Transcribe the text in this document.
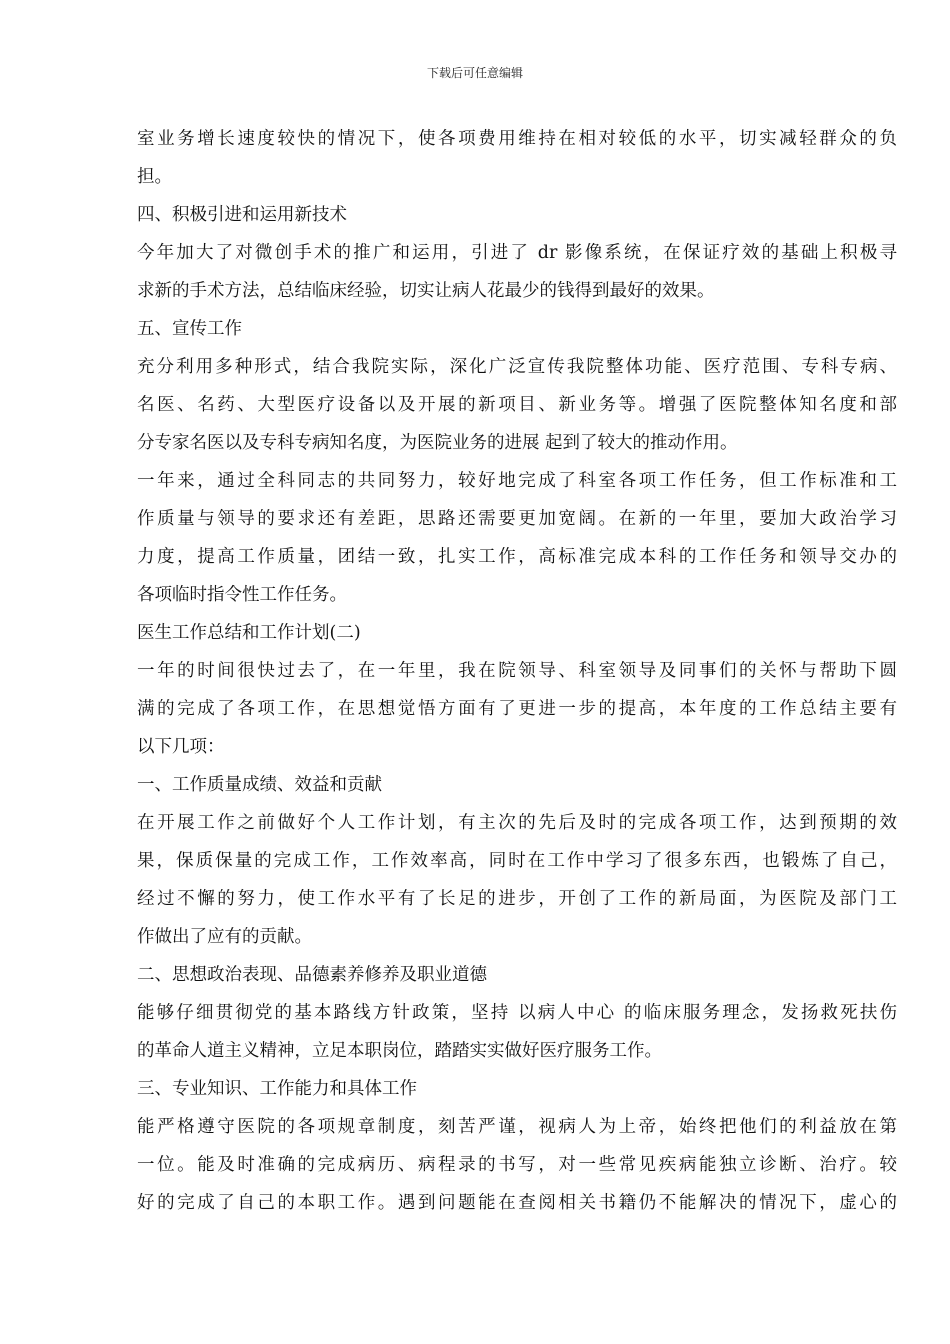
下载后可任意编辑
室业务增长速度较快的情况下，使各项费用维持在相对较低的水平，切实减轻群众的负
担。
四、积极引进和运用新技术
今年加大了对微创手术的推广和运用，引进了 dr 影像系统，在保证疗效的基础上积极寻
求新的手术方法，总结临床经验，切实让病人花最少的钱得到最好的效果。
五、宣传工作
充分利用多种形式，结合我院实际，深化广泛宣传我院整体功能、医疗范围、专科专病、
名医、名药、大型医疗设备以及开展的新项目、新业务等。增强了医院整体知名度和部
分专家名医以及专科专病知名度，为医院业务的进展 起到了较大的推动作用。
一年来，通过全科同志的共同努力，较好地完成了科室各项工作任务，但工作标准和工
作质量与领导的要求还有差距，思路还需要更加宽阔。在新的一年里，要加大政治学习
力度，提高工作质量，团结一致，扎实工作，高标准完成本科的工作任务和领导交办的
各项临时指令性工作任务。
医生工作总结和工作计划(二)
一年的时间很快过去了，在一年里，我在院领导、科室领导及同事们的关怀与帮助下圆
满的完成了各项工作，在思想觉悟方面有了更进一步的提高，本年度的工作总结主要有
以下几项：
一、工作质量成绩、效益和贡献
在开展工作之前做好个人工作计划，有主次的先后及时的完成各项工作，达到预期的效
果，保质保量的完成工作，工作效率高，同时在工作中学习了很多东西，也锻炼了自己，
经过不懈的努力，使工作水平有了长足的进步，开创了工作的新局面，为医院及部门工
作做出了应有的贡献。
二、思想政治表现、品德素养修养及职业道德
能够仔细贯彻党的基本路线方针政策，坚持 以病人中心 的临床服务理念，发扬救死扶伤
的革命人道主义精神，立足本职岗位，踏踏实实做好医疗服务工作。
三、专业知识、工作能力和具体工作
能严格遵守医院的各项规章制度，刻苦严谨，视病人为上帝，始终把他们的利益放在第
一位。能及时准确的完成病历、病程录的书写，对一些常见疾病能独立诊断、治疗。较
好的完成了自己的本职工作。遇到问题能在查阅相关书籍仍不能解决的情况下，虚心的
